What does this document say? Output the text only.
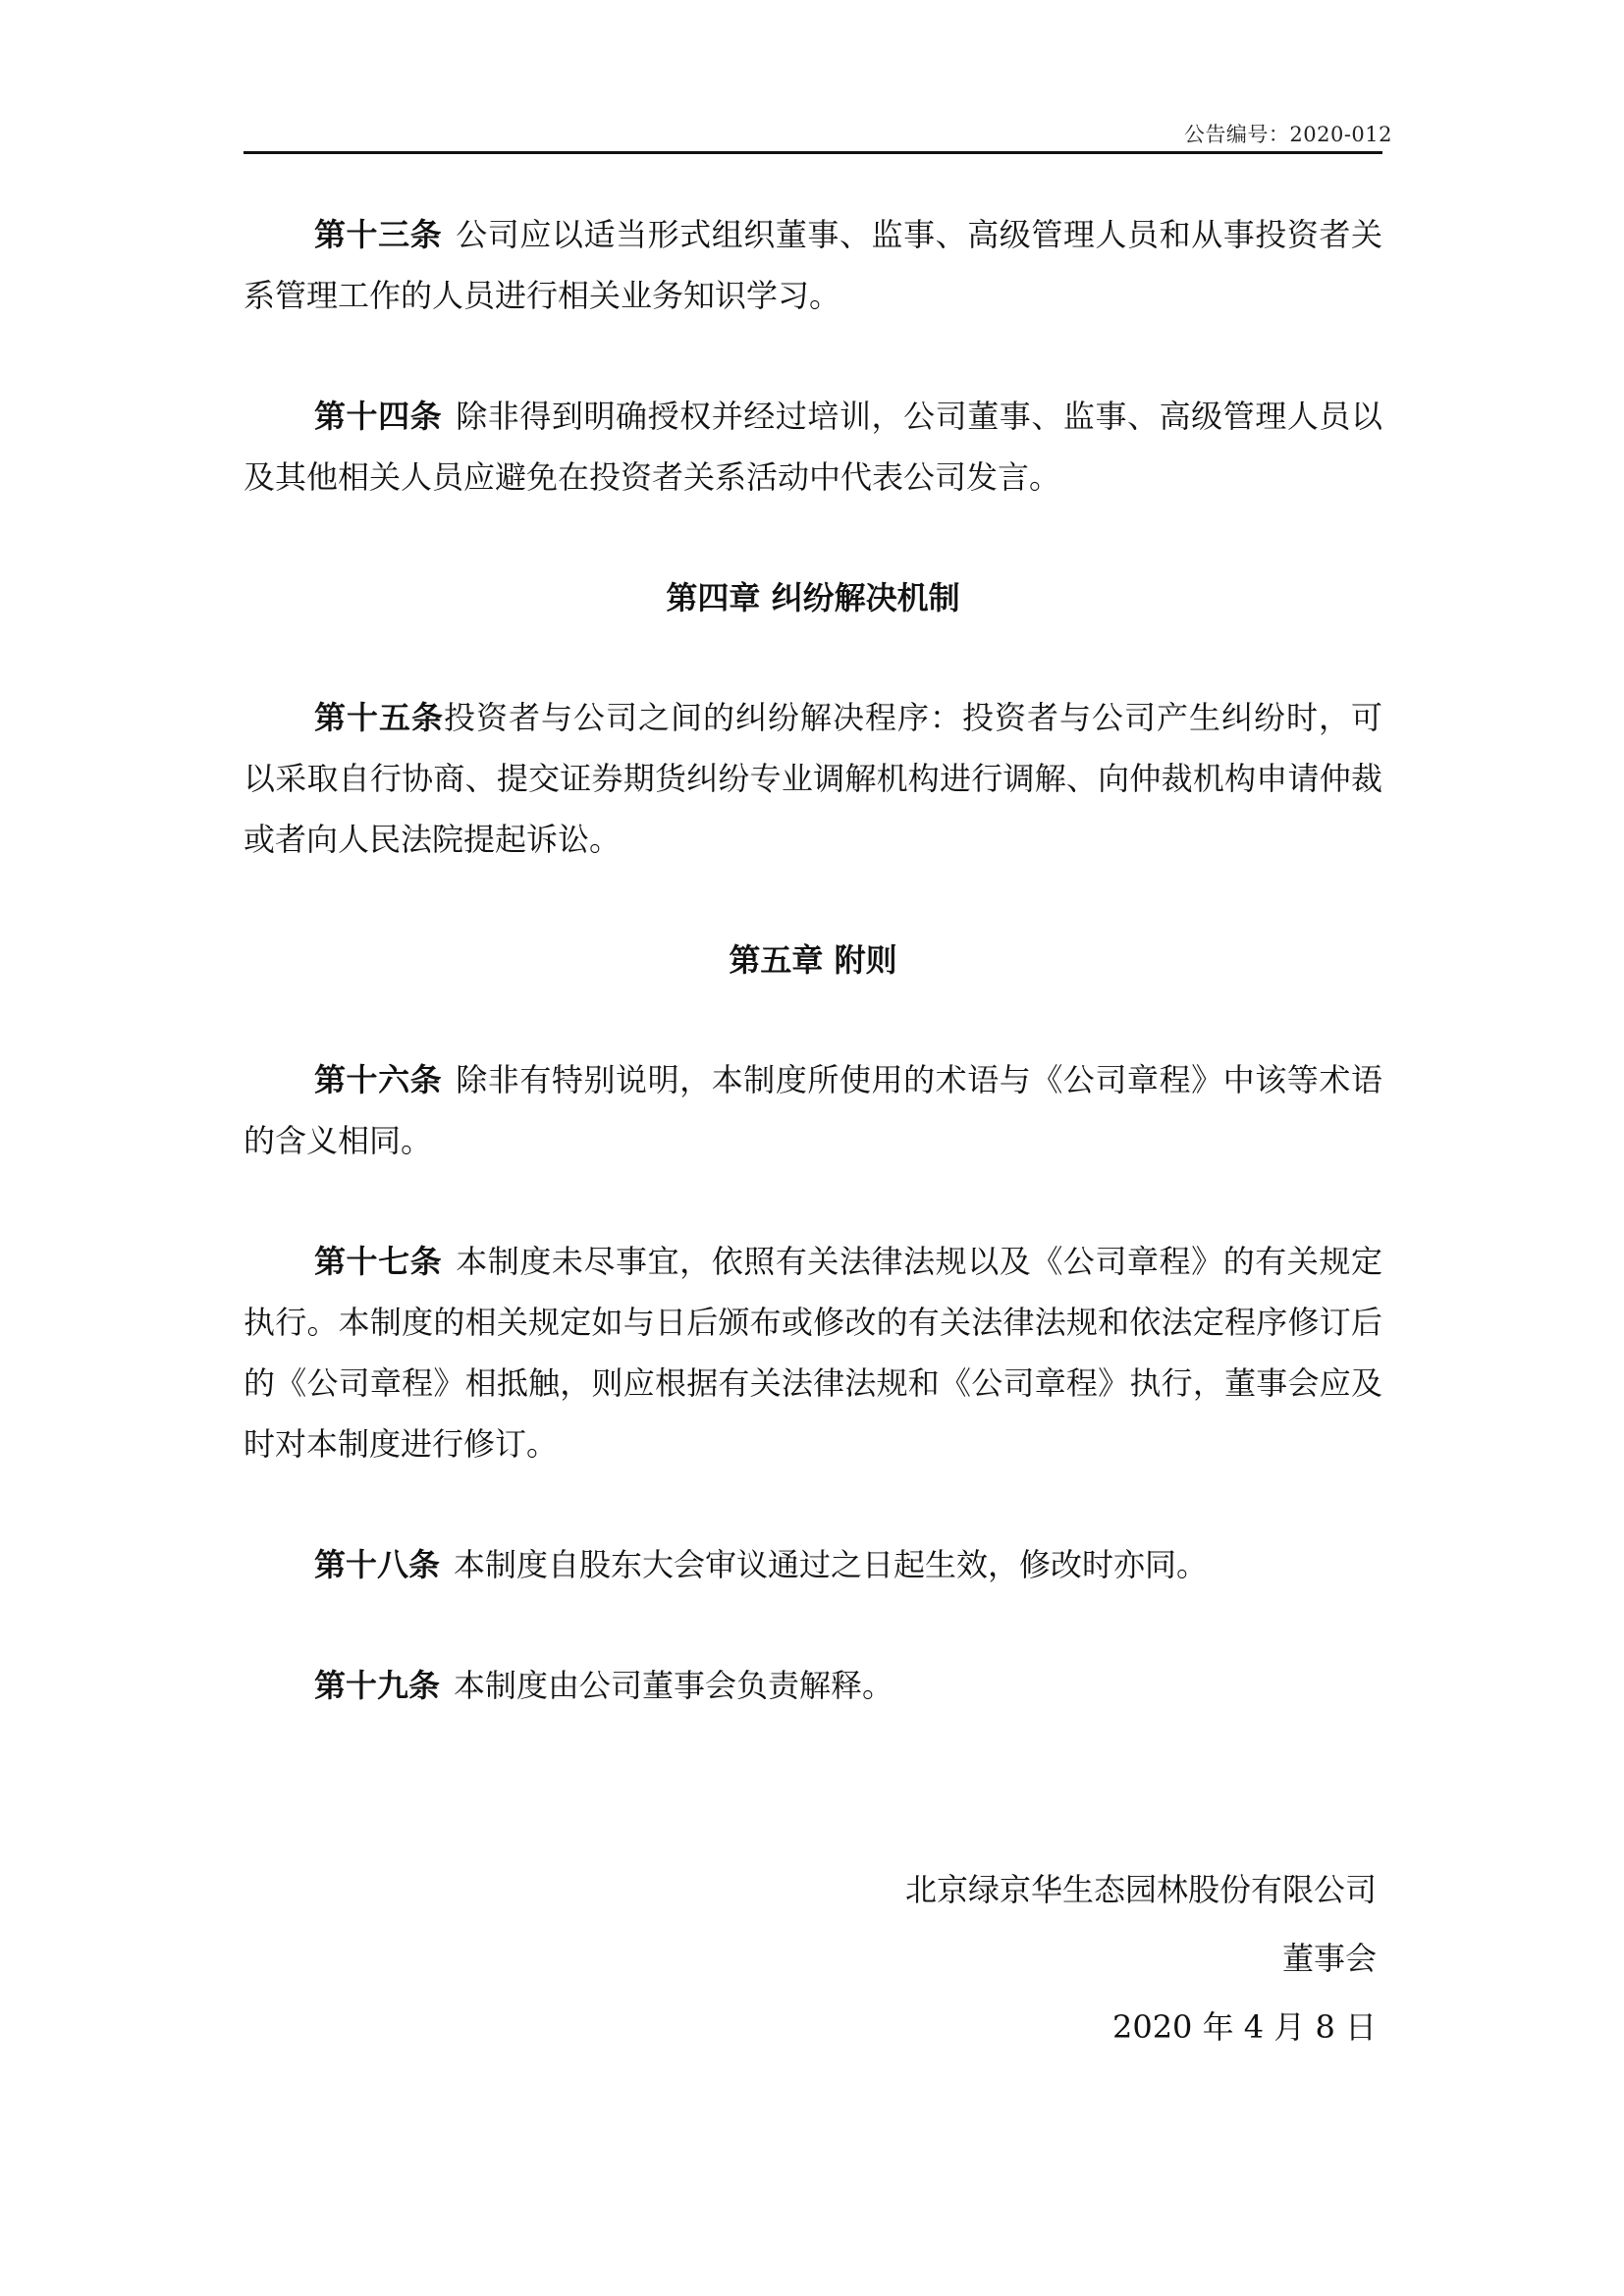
公告编号：2020-012

第十三条 公司应以适当形式组织董事、监事、高级管理人员和从事投资者关系管理工作的人员进行相关业务知识学习。

第十四条 除非得到明确授权并经过培训，公司董事、监事、高级管理人员以及其他相关人员应避免在投资者关系活动中代表公司发言。

第四章 纠纷解决机制

第十五条投资者与公司之间的纠纷解决程序：投资者与公司产生纠纷时，可以采取自行协商、提交证券期货纠纷专业调解机构进行调解、向仲裁机构申请仲裁或者向人民法院提起诉讼。

第五章 附则

第十六条 除非有特别说明，本制度所使用的术语与《公司章程》中该等术语的含义相同。

第十七条 本制度未尽事宜，依照有关法律法规以及《公司章程》的有关规定执行。本制度的相关规定如与日后颁布或修改的有关法律法规和依法定程序修订后的《公司章程》相抵触，则应根据有关法律法规和《公司章程》执行，董事会应及时对本制度进行修订。

第十八条 本制度自股东大会审议通过之日起生效，修改时亦同。

第十九条 本制度由公司董事会负责解释。

北京绿京华生态园林股份有限公司
董事会
2020 年 4 月 8 日
